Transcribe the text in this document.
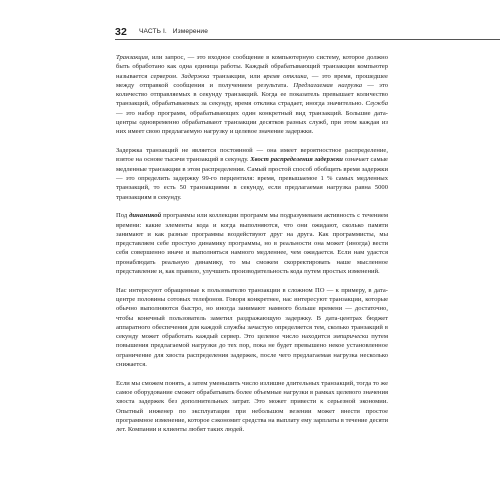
32 ЧАСТЬ I. Измерение

Транзакция, или запрос, — это входное сообщение в компьютерную систему, которое должно быть обработано как одна единица работы. Каждый обрабатывающий транзакции компьютер называется сервером. Задержка транзакции, или время отклика, — это время, прошедшее между отправкой сообщения и получением результата. Предлагаемая нагрузка — это количество отправляемых в секунду транзакций. Когда ее показатель превышает количество транзакций, обрабатываемых за секунду, время отклика страдает, иногда значительно. Служба — это набор программ, обрабатывающих один конкретный вид транзакций. Большие дата-центры одновременно обрабатывают транзакции десятков разных служб, при этом каждая из них имеет свою предлагаемую нагрузку и целевое значение задержки.

Задержка транзакций не является постоянной — она имеет вероятностное распределение, взятое на основе тысячи транзакций в секунду. Хвост распределения задержки означает самые медленные транзакции в этом распределении. Самый простой способ обобщить время задержки — это определить задержку 99-го перцентиля: время, превышаемое 1 % самых медленных транзакций, то есть 50 транзакциями в секунду, если предлагаемая нагрузка равна 5000 транзакциям в секунду.

Под динамикой программы или коллекции программ мы подразумеваем активность с течением времени: какие элементы кода и когда выполняются, что они ожидают, сколько памяти занимают и как разные программы воздействуют друг на друга. Как программисты, мы представляем себе простую динамику программы, но в реальности она может (иногда) вести себя совершенно иначе и выполняться намного медленнее, чем ожидается. Если нам удастся пронаблюдать реальную динамику, то мы сможем скорректировать наше мысленное представление и, как правило, улучшить производительность кода путем простых изменений.

Нас интересуют обращенные к пользователю транзакции в сложном ПО — к примеру, в дата-центре половины сотовых телефонов. Говоря конкретнее, нас интересуют транзакции, которые обычно выполняются быстро, но иногда занимают намного больше времени — достаточно, чтобы конечный пользователь заметил раздражающую задержку. В дата-центрах бюджет аппаратного обеспечения для каждой службы зачастую определяется тем, сколько транзакций в секунду может обработать каждый сервер. Это целевое число находится эмпирически путем повышения предлагаемой нагрузки до тех пор, пока не будет превышено некое установленное ограничение для хвоста распределения задержек, после чего предлагаемая нагрузка несколько снижается.

Если мы сможем понять, а затем уменьшить число излишне длительных транзакций, тогда то же самое оборудование сможет обрабатывать более объемные нагрузки в рамках целевого значения хвоста задержек без дополнительных затрат. Это может привести к серьезной экономии. Опытный инженер по эксплуатации при небольшом везении может внести простое программное изменение, которое сэкономит средства на выплату ему зарплаты в течение десяти лет. Компании и клиенты любят таких людей.
